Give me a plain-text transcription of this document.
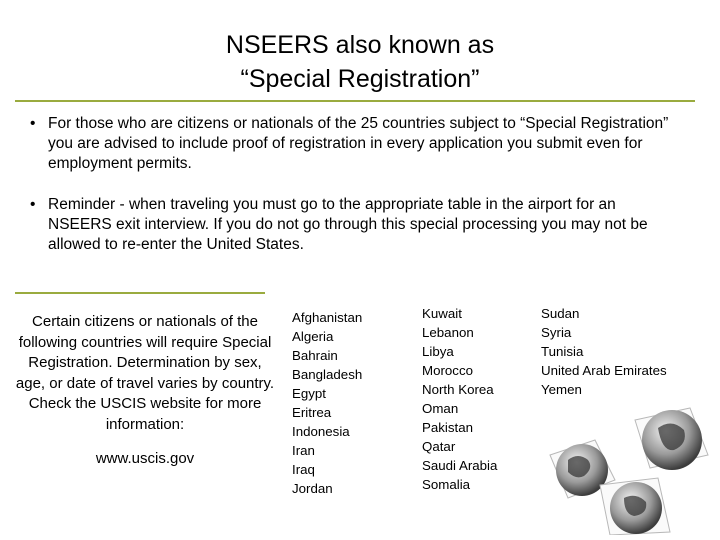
NSEERS also known as
“Special Registration”
• For those who are citizens or nationals of the 25 countries subject to “Special Registration” you are advised to include proof of registration in every application you submit even for employment permits.
• Reminder - when traveling you must go to the appropriate table in the airport for an NSEERS exit interview. If you do not go through this special processing you may not be allowed to re-enter the United States.
Certain citizens or nationals of the following countries will require Special Registration. Determination by sex, age, or date of travel varies by country. Check the USCIS website for more information:
www.uscis.gov
Afghanistan
Algeria
Bahrain
Bangladesh
Egypt
Eritrea
Indonesia
Iran
Iraq
Jordan
Kuwait
Lebanon
Libya
Morocco
North Korea
Oman
Pakistan
Qatar
Saudi Arabia
Somalia
Sudan
Syria
Tunisia
United Arab Emirates
Yemen
